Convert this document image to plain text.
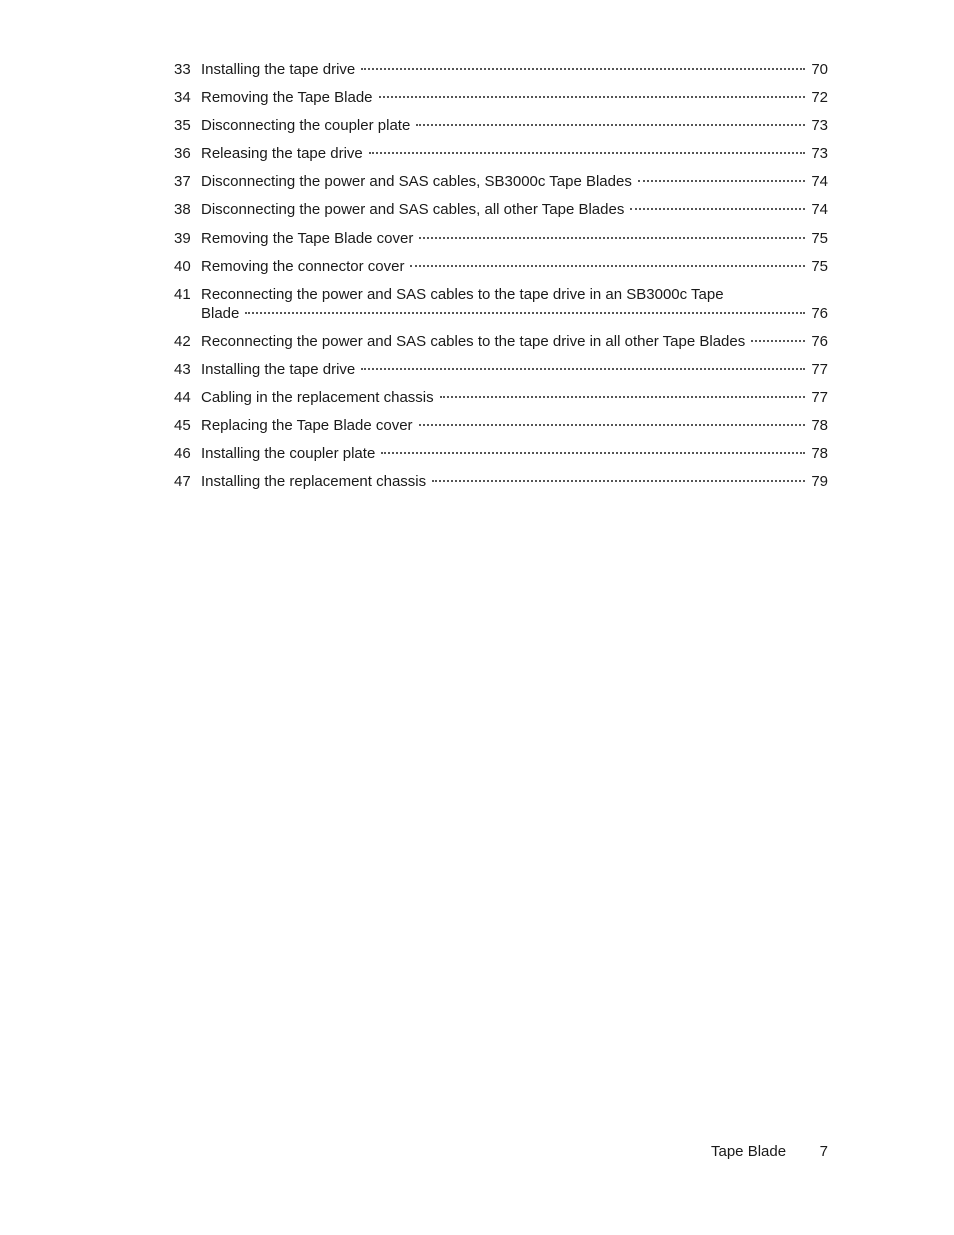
33 Installing the tape drive	70
34 Removing the Tape Blade	72
35 Disconnecting the coupler plate	73
36 Releasing the tape drive	73
37 Disconnecting the power and SAS cables, SB3000c Tape Blades	74
38 Disconnecting the power and SAS cables, all other Tape Blades	74
39 Removing the Tape Blade cover	75
40 Removing the connector cover	75
41 Reconnecting the power and SAS cables to the tape drive in an SB3000c Tape
Blade	76
42 Reconnecting the power and SAS cables to the tape drive in all other Tape Blades	76
43 Installing the tape drive	77
44 Cabling in the replacement chassis	77
45 Replacing the Tape Blade cover	78
46 Installing the coupler plate	78
47 Installing the replacement chassis	79
Tape Blade 7
